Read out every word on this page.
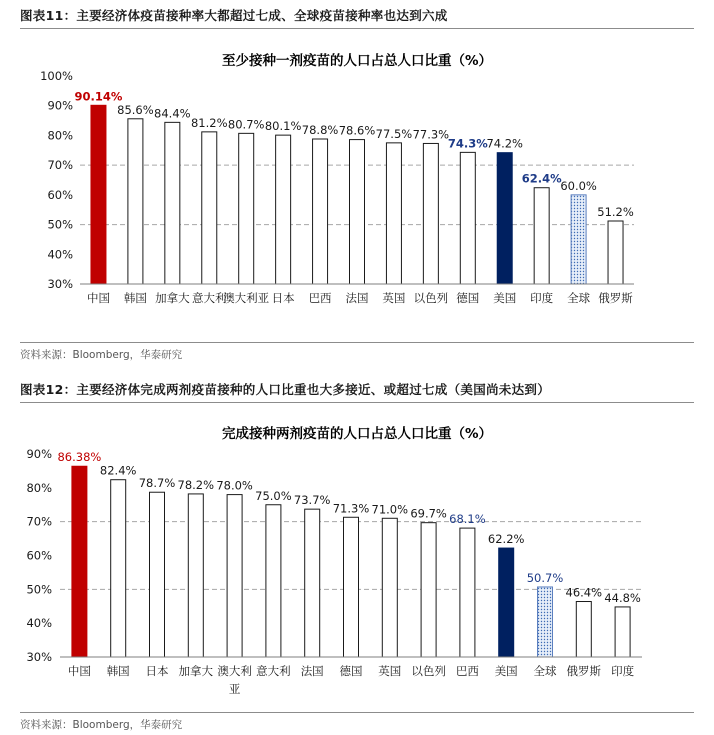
图表11：主要经济体疫苗接种率大都超过七成、全球疫苗接种率也达到六成
至少接种一剂疫苗的人口占总人口比重（%）
30%
40%
50%
60%
70%
80%
90%
100%
90.14%
85.6% 84.4%
81.2% 80.7% 80.1% 78.8% 78.6% 77.5% 77.3%
74.3%
74.2%
62.4%
60.0%
51.2%
中国 韩国 加拿大 意大利
澳大利亚 日本 巴西 法国 英国 以色列 德国 美国 印度 全球 俄罗斯
资料来源：Bloomberg，华泰研究
图表12：主要经济体完成两剂疫苗接种的人口比重也大多接近、或超过七成（美国尚未达到）
完成接种两剂疫苗的人口占总人口比重（%）
30%
40%
50%
60%
70%
80%
90% 86.38%
82.4%
78.7% 78.2% 78.0%
75.0% 73.7%
71.3% 71.0% 69.7% 68.1%
62.2%
50.7%
46.4% 44.8%
中国 韩国 日本 加拿大 澳大利亚
意大利 法国 德国 英国 以色列 巴西 美国 全球 俄罗斯 印度
资料来源：Bloomberg，华泰研究
